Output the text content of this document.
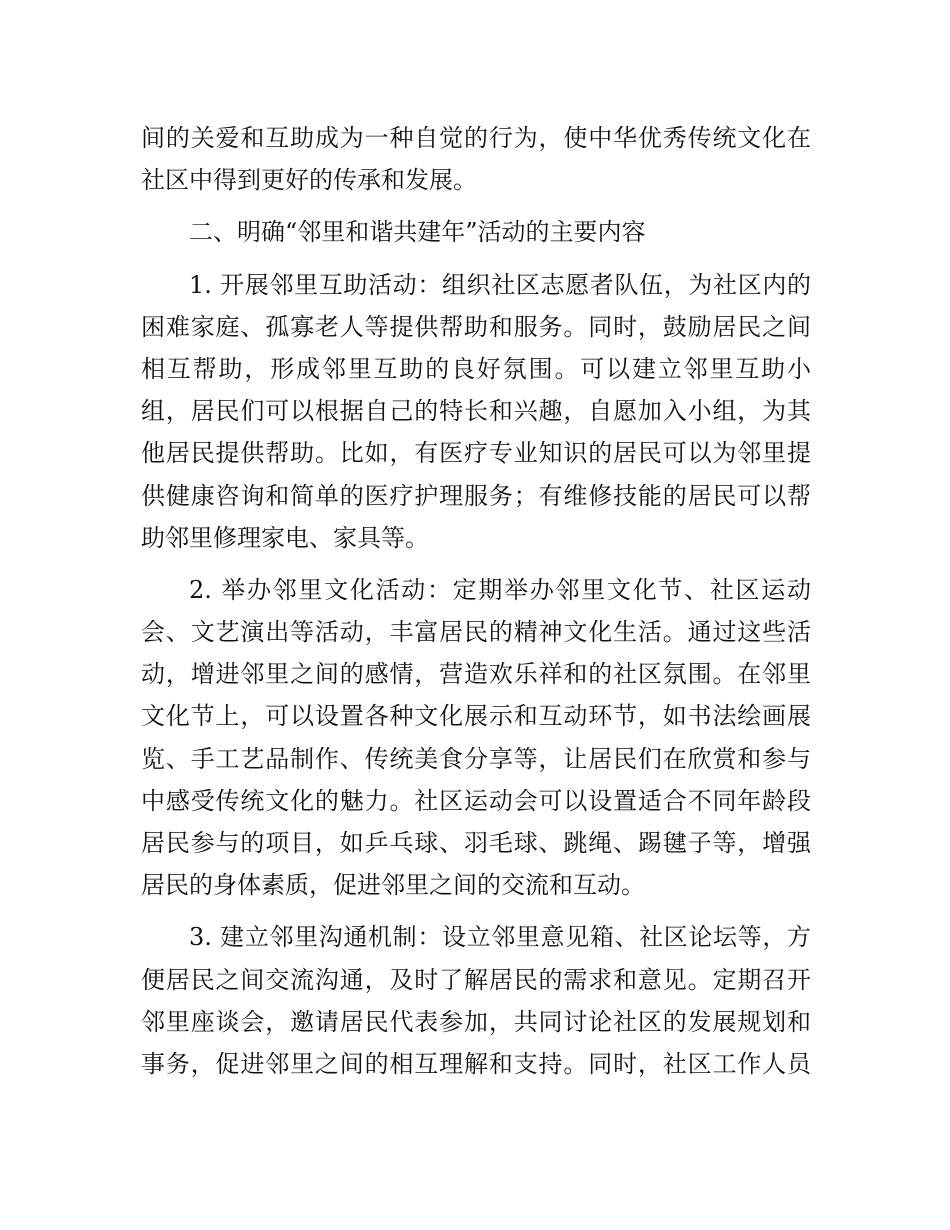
间的关爱和互助成为一种自觉的行为，使中华优秀传统文化在
社区中得到更好的传承和发展。
二、明确“邻里和谐共建年”活动的主要内容
1. 开展邻里互助活动：组织社区志愿者队伍，为社区内的
困难家庭、孤寡老人等提供帮助和服务。同时，鼓励居民之间
相互帮助，形成邻里互助的良好氛围。可以建立邻里互助小
组，居民们可以根据自己的特长和兴趣，自愿加入小组，为其
他居民提供帮助。比如，有医疗专业知识的居民可以为邻里提
供健康咨询和简单的医疗护理服务；有维修技能的居民可以帮
助邻里修理家电、家具等。
2. 举办邻里文化活动：定期举办邻里文化节、社区运动
会、文艺演出等活动，丰富居民的精神文化生活。通过这些活
动，增进邻里之间的感情，营造欢乐祥和的社区氛围。在邻里
文化节上，可以设置各种文化展示和互动环节，如书法绘画展
览、手工艺品制作、传统美食分享等，让居民们在欣赏和参与
中感受传统文化的魅力。社区运动会可以设置适合不同年龄段
居民参与的项目，如乒乓球、羽毛球、跳绳、踢毽子等，增强
居民的身体素质，促进邻里之间的交流和互动。
3. 建立邻里沟通机制：设立邻里意见箱、社区论坛等，方
便居民之间交流沟通，及时了解居民的需求和意见。定期召开
邻里座谈会，邀请居民代表参加，共同讨论社区的发展规划和
事务，促进邻里之间的相互理解和支持。同时，社区工作人员
